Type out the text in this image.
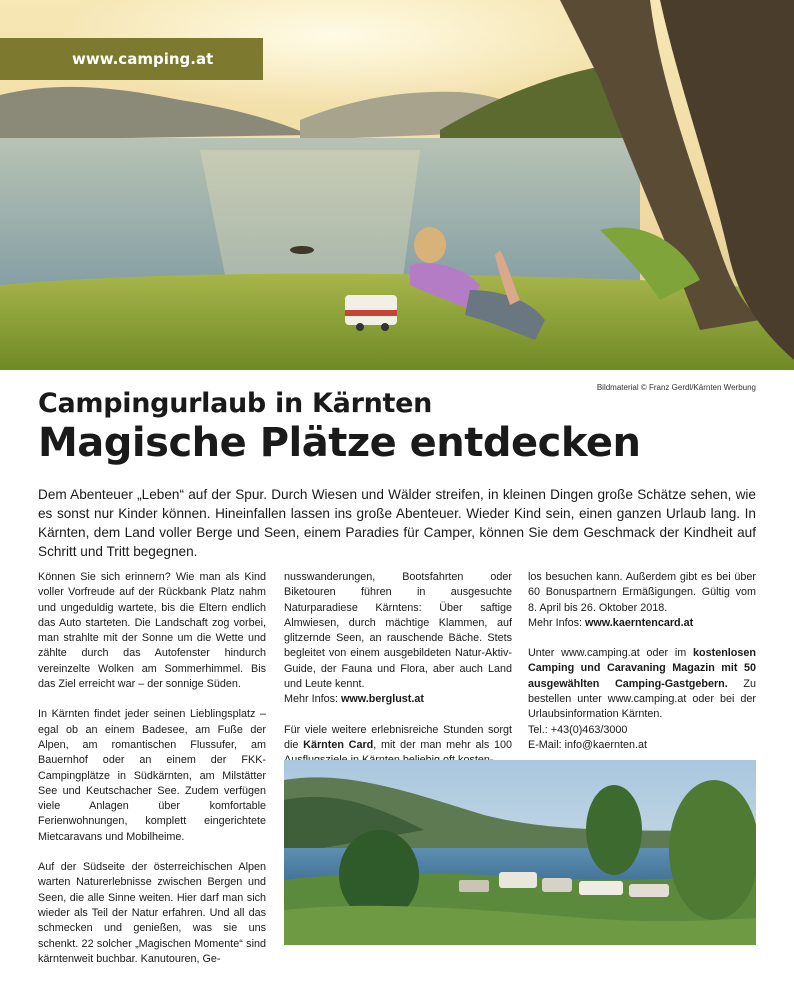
www.camping.at
Bildmaterial © Franz Gerdl/Kärnten Werbung
Campingurlaub in Kärnten
Magische Plätze entdecken
Dem Abenteuer „Leben“ auf der Spur. Durch Wiesen und Wälder streifen, in kleinen Dingen große Schätze sehen, wie es sonst nur Kinder können. Hineinfallen lassen ins große Abenteuer. Wieder Kind sein, einen ganzen Urlaub lang. In Kärnten, dem Land voller Berge und Seen, einem Paradies für Camper, können Sie dem Geschmack der Kindheit auf Schritt und Tritt begegnen.

Können Sie sich erinnern? Wie man als Kind voller Vorfreude auf der Rückbank Platz nahm und ungeduldig wartete, bis die Eltern endlich das Auto starteten. Die Landschaft zog vorbei, man strahlte mit der Sonne um die Wette und zählte durch das Autofenster hindurch vereinzelte Wolken am Sommerhimmel. Bis das Ziel erreicht war – der sonnige Süden.

In Kärnten findet jeder seinen Lieblingsplatz – egal ob an einem Badesee, am Fuße der Alpen, am romantischen Flussufer, am Bauernhof oder an einem der FKK-Campingplätze in Südkärnten, am Milstätter See und Keutschacher See. Zudem verfügen viele Anlagen über komfortable Ferienwohnungen, komplett eingerichtete Mietcaravans und Mobilheime.

Auf der Südseite der österreichischen Alpen warten Naturerlebnisse zwischen Bergen und Seen, die alle Sinne weiten. Hier darf man sich wieder als Teil der Natur erfahren. Und all das schmecken und genießen, was sie uns schenkt. 22 solcher „Magischen Momente“ sind kärntenweit buchbar. Kanutouren, Ge-

nusswanderungen, Bootsfahrten oder Biketouren führen in ausgesuchte Naturparadiese Kärntens: Über saftige Almwiesen, durch mächtige Klammen, auf glitzernde Seen, an rauschende Bäche. Stets begleitet von einem ausgebildeten Natur-Aktiv-Guide, der Fauna und Flora, aber auch Land und Leute kennt.
Mehr Infos: www.berglust.at

Für viele weitere erlebnisreiche Stunden sorgt die Kärnten Card, mit der man mehr als 100

los besuchen kann. Außerdem gibt es bei über 60 Bonuspartnern Ermäßigungen. Gültig vom 8. April bis 26. Oktober 2018.
Mehr Infos: www.kaerntencard.at

Unter www.camping.at oder im kostenlosen Camping und Caravaning Magazin mit 50 ausgewählten Camping-Gastgebern. Zu bestellen unter www.camping.at oder bei der Urlaubsinformation Kärnten.
Tel.: +43(0)463/3000
E-Mail: info@kaernten.at
